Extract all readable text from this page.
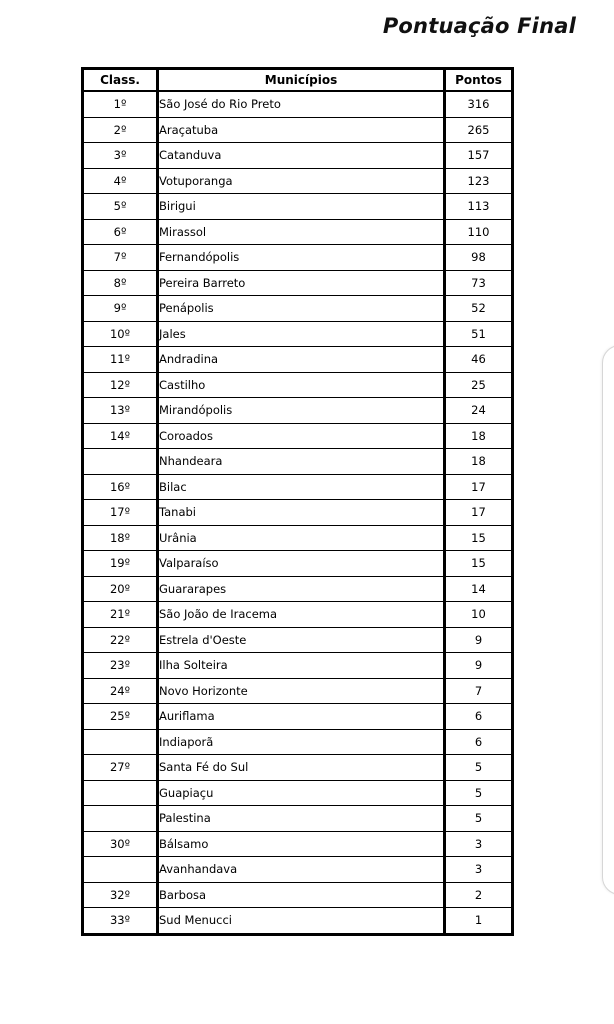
Pontuação Final
Class.	Municípios	Pontos
1º	São José do Rio Preto	316
2º	Araçatuba	265
3º	Catanduva	157
4º	Votuporanga	123
5º	Birigui	113
6º	Mirassol	110
7º	Fernandópolis	98
8º	Pereira Barreto	73
9º	Penápolis	52
10º	Jales	51
11º	Andradina	46
12º	Castilho	25
13º	Mirandópolis	24
14º	Coroados	18
	Nhandeara	18
16º	Bilac	17
17º	Tanabi	17
18º	Urânia	15
19º	Valparaíso	15
20º	Guararapes	14
21º	São João de Iracema	10
22º	Estrela d'Oeste	9
23º	Ilha Solteira	9
24º	Novo Horizonte	7
25º	Auriflama	6
	Indiaporã	6
27º	Santa Fé do Sul	5
	Guapiaçu	5
	Palestina	5
30º	Bálsamo	3
	Avanhandava	3
32º	Barbosa	2
33º	Sud Menucci	1
